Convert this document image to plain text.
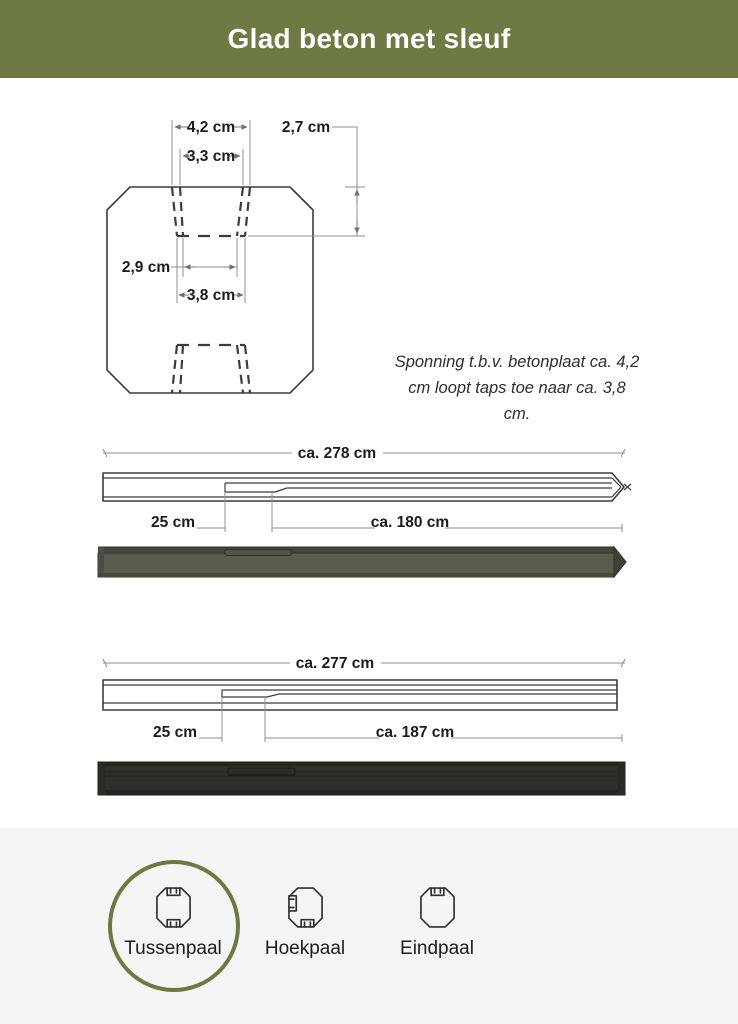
Glad beton met sleuf
4,2 cm
3,3 cm
2,7 cm
2,9 cm
3,8 cm
Sponning t.b.v. betonplaat ca. 4,2
cm loopt taps toe naar ca. 3,8 cm.
ca. 278 cm
25 cm	ca. 180 cm
ca. 277 cm
25 cm	ca. 187 cm
Tussenpaal	Hoekpaal	Eindpaal
